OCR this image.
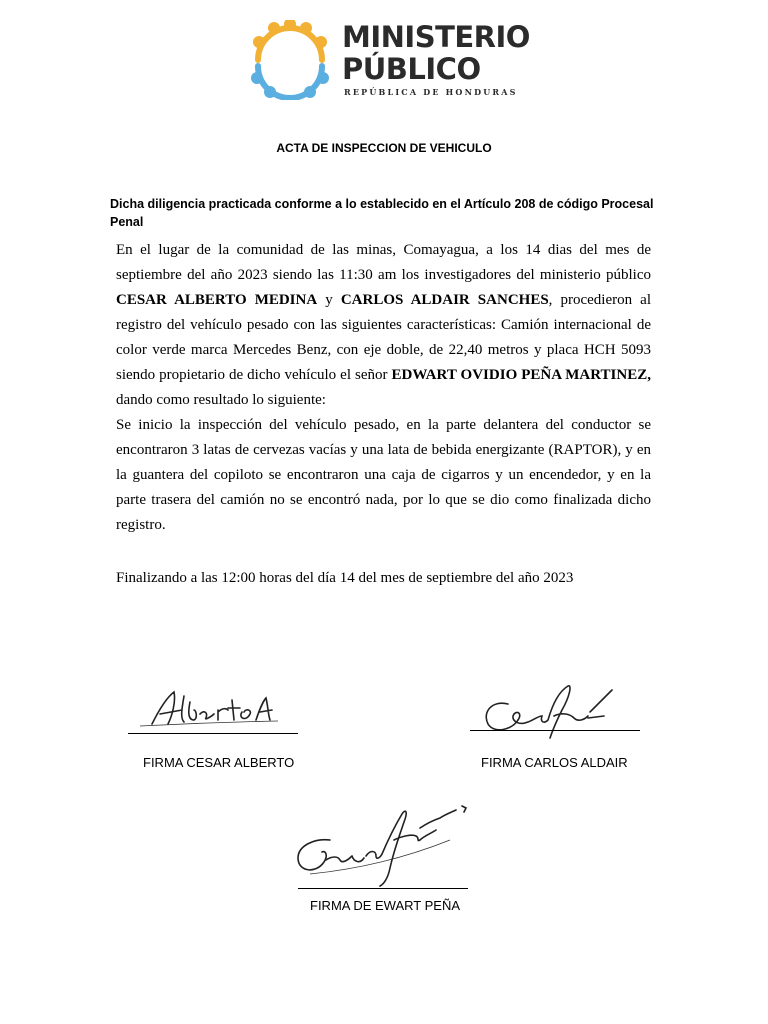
MINISTERIO
PÚBLICO
REPÚBLICA DE HONDURAS
ACTA DE INSPECCION DE VEHICULO
Dicha diligencia practicada conforme a lo establecido en el Artículo 208 de código Procesal Penal

En el lugar de la comunidad de las minas, Comayagua, a los 14 dias del mes de septiembre del año 2023 siendo las 11:30 am los investigadores del ministerio público CESAR ALBERTO MEDINA y CARLOS ALDAIR SANCHES, procedieron al registro del vehículo pesado con las siguientes características: Camión internacional de color verde marca Mercedes Benz, con eje doble, de 22,40 metros y placa HCH 5093 siendo propietario de dicho vehículo el señor EDWART OVIDIO PEÑA MARTINEZ, dando como resultado lo siguiente:

Se inicio la inspección del vehículo pesado, en la parte delantera del conductor se encontraron 3 latas de cervezas vacías y una lata de bebida energizante (RAPTOR), y en la guantera del copiloto se encontraron una caja de cigarros y un encendedor, y en la parte trasera del camión no se encontró nada, por lo que se dio como finalizada dicho registro.

Finalizando a las 12:00 horas del día 14 del mes de septiembre del año 2023
FIRMA CESAR ALBERTO	FIRMA CARLOS ALDAIR
FIRMA DE EWART PEÑA
